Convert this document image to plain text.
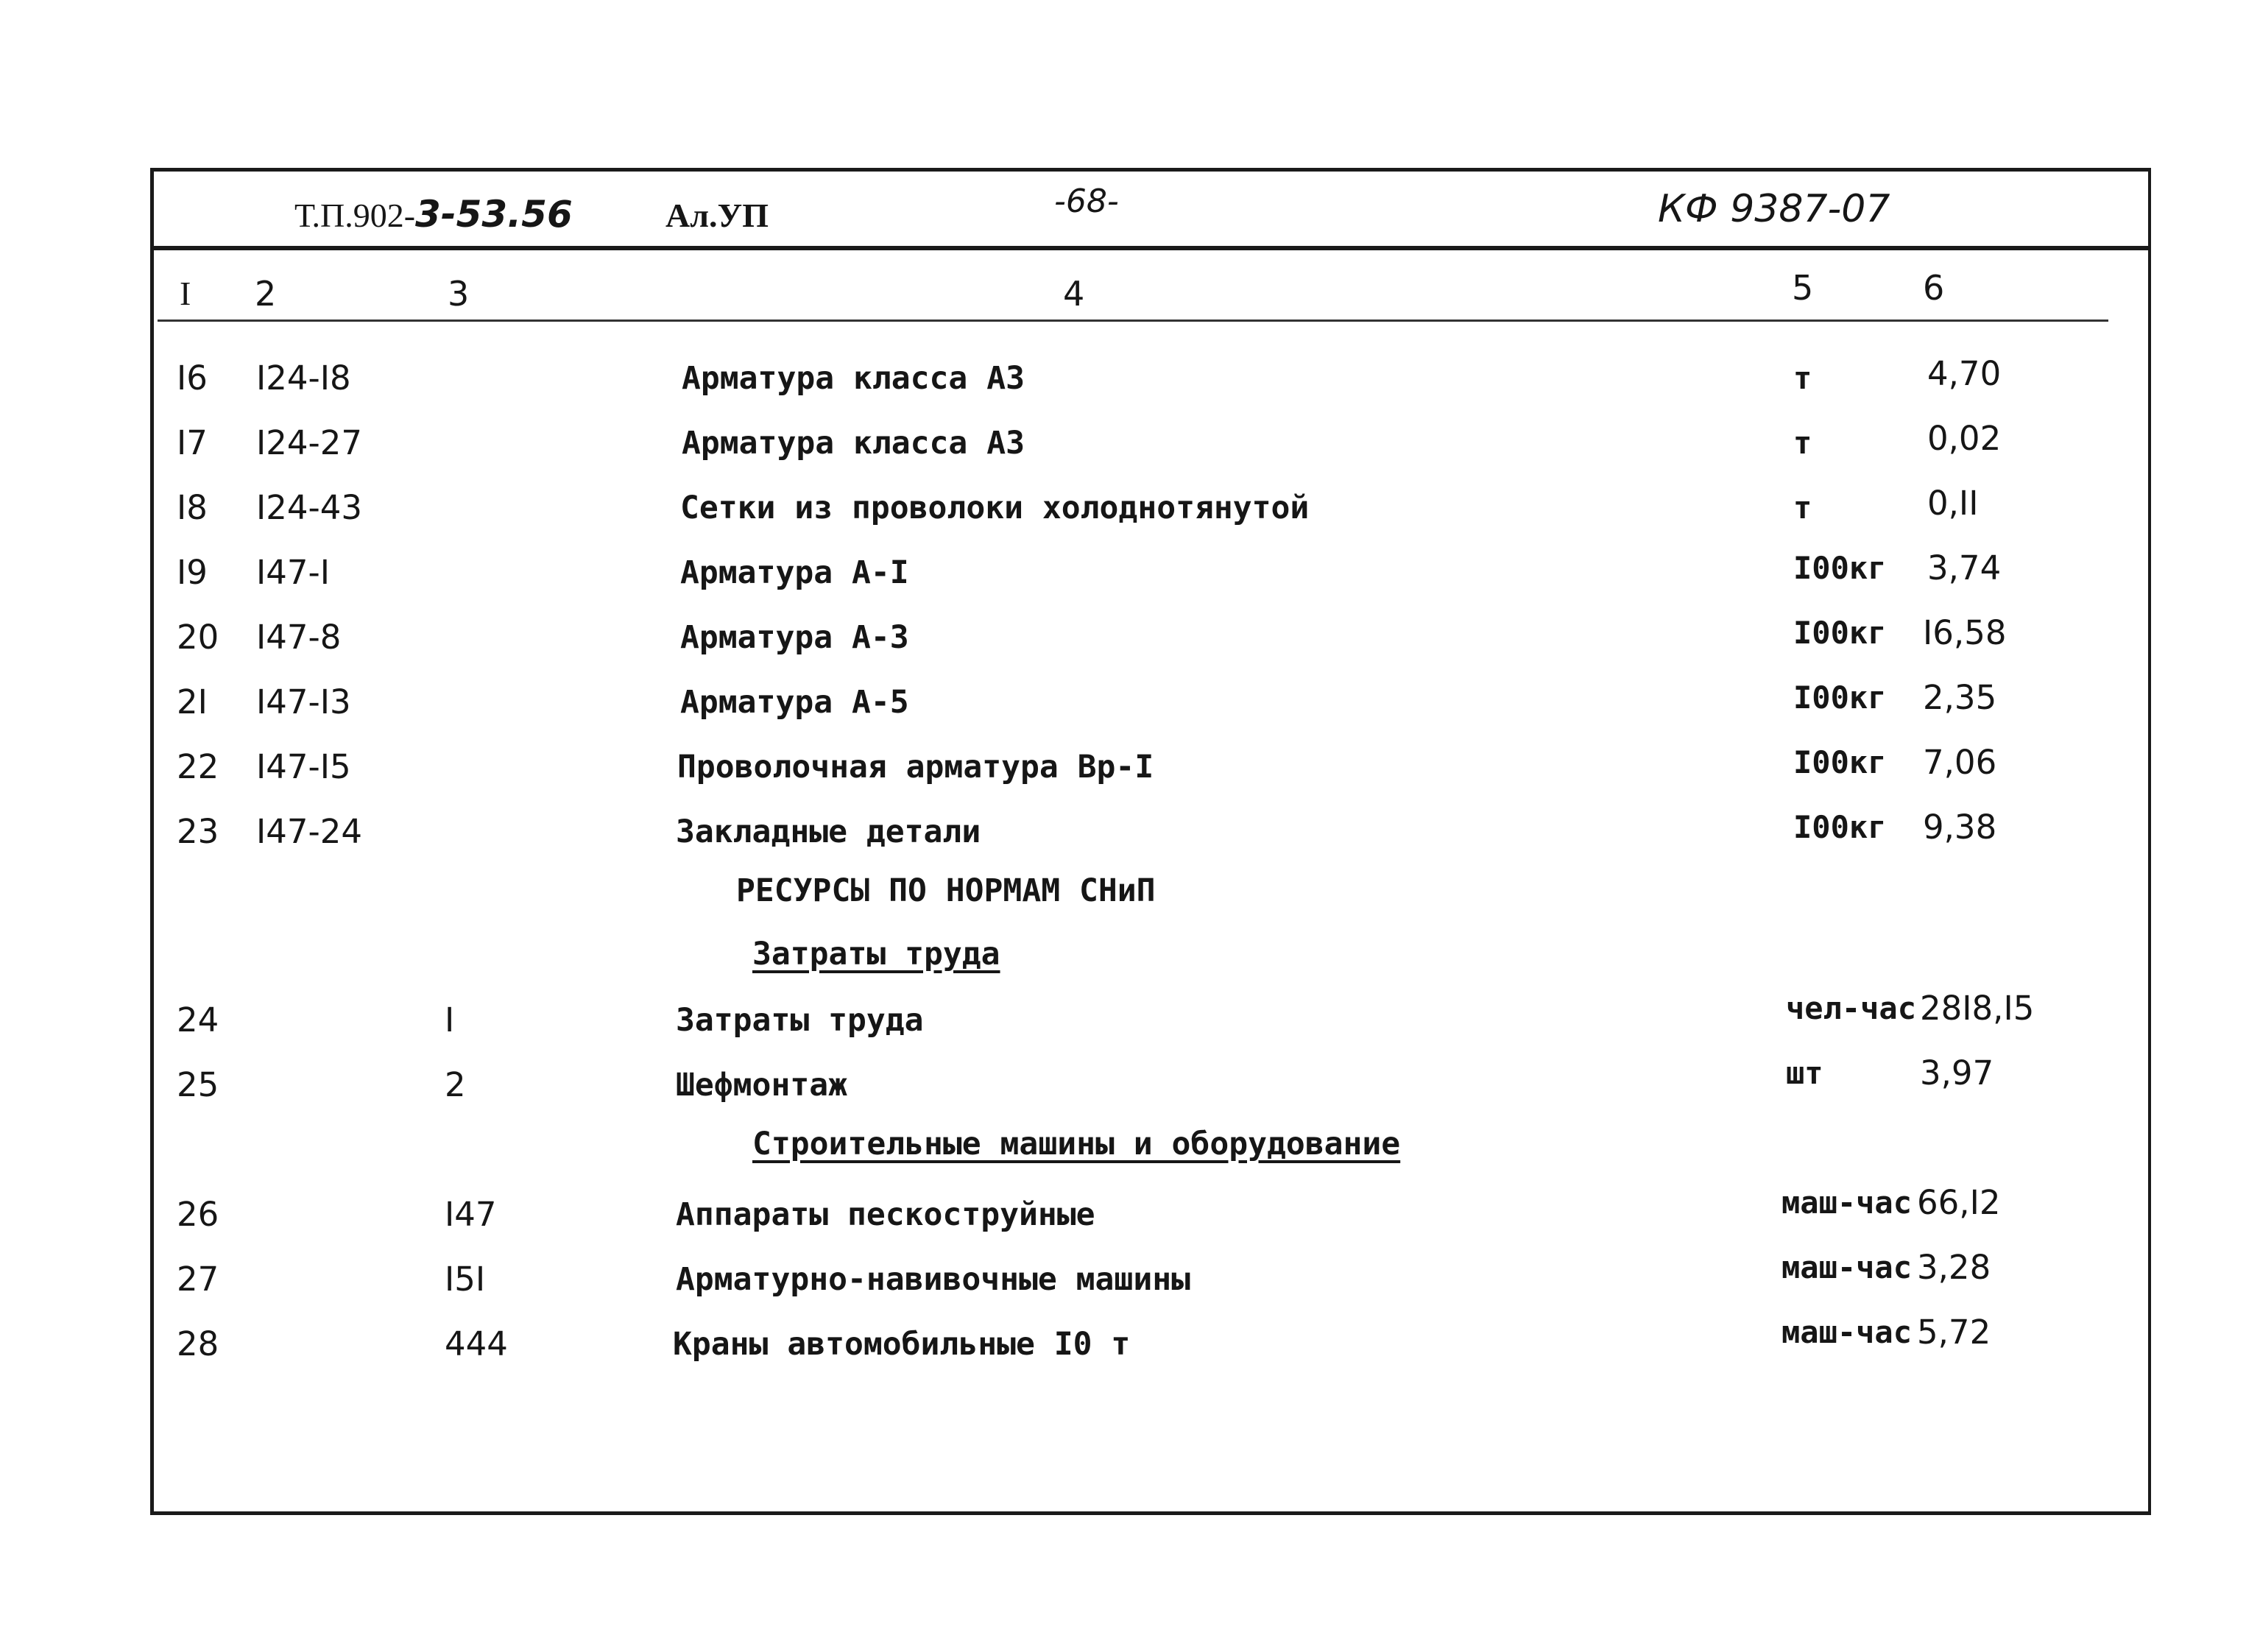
Т.П.902-3-53.56	Ал.УП	-68-	КФ 9387-07
I 2	3	4	5	6
I6 I24-I8	Арматура класса А3	т	4,70
I7 I24-27	Арматура класса А3	т	0,02
I8 I24-43	Сетки из проволоки холоднотянутой	т	0,II
I9 I47-I	Арматура А-I	I00кг 3,74
20 I47-8	Арматура А-3	I00кг I6,58
2I I47-I3	Арматура А-5	I00кг 2,35
22 I47-I5	Проволочная арматура Bр-I	I00кг 7,06
23 I47-24	Закладные детали	I00кг 9,38
РЕСУРСЫ ПО НОРМАМ СНиП
Затраты труда
24	I	Затраты труда	чел-час 28I8,I5
25	2	Шефмонтаж	шт	3,97
Строительные машины и оборудование
26	I47	Аппараты пескоструйные	маш-час 66,I2
27	I5I	Арматурно-навивочные машины	маш-час 3,28
28	444	Краны автомобильные I0 т	маш-час 5,72
